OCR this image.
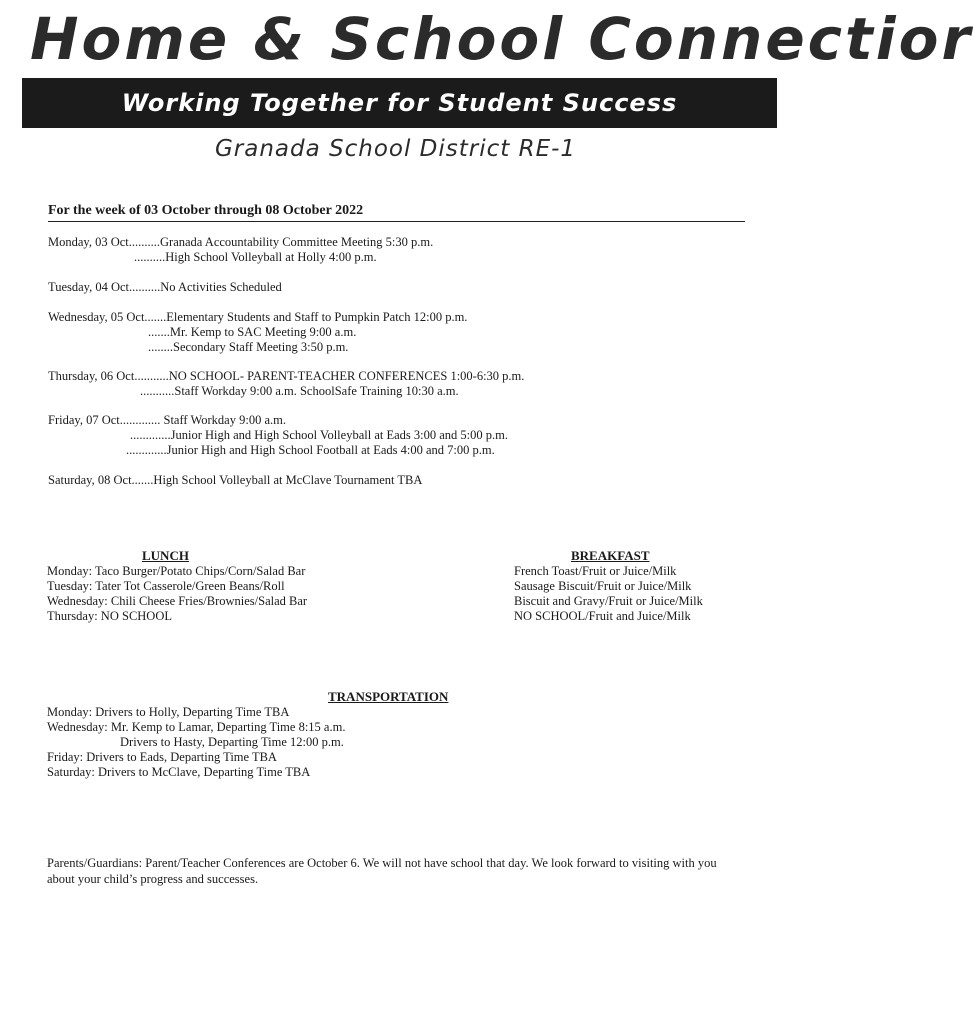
Home & School Connectior
Working Together for Student Success
Granada School District RE-1
For the week of 03 October through 08 October 2022
Monday, 03 Oct..........Granada Accountability Committee Meeting 5:30 p.m.
..........High School Volleyball at Holly 4:00 p.m.
Tuesday, 04 Oct..........No Activities Scheduled
Wednesday, 05 Oct.......Elementary Students and Staff to Pumpkin Patch 12:00 p.m.
.......Mr. Kemp to SAC Meeting 9:00 a.m.
........Secondary Staff Meeting 3:50 p.m.
Thursday, 06 Oct...........NO SCHOOL- PARENT-TEACHER CONFERENCES 1:00-6:30 p.m.
...........Staff Workday 9:00 a.m. SchoolSafe Training 10:30 a.m.
Friday, 07 Oct............. Staff Workday 9:00 a.m.
.............Junior High and High School Volleyball at Eads 3:00 and 5:00 p.m.
.............Junior High and High School Football at Eads 4:00 and 7:00 p.m.
Saturday, 08 Oct.......High School Volleyball at McClave Tournament TBA
LUNCH
Monday: Taco Burger/Potato Chips/Corn/Salad Bar
Tuesday: Tater Tot Casserole/Green Beans/Roll
Wednesday: Chili Cheese Fries/Brownies/Salad Bar
Thursday: NO SCHOOL
BREAKFAST
French Toast/Fruit or Juice/Milk
Sausage Biscuit/Fruit or Juice/Milk
Biscuit and Gravy/Fruit or Juice/Milk
NO SCHOOL/Fruit and Juice/Milk
TRANSPORTATION
Monday: Drivers to Holly, Departing Time TBA
Wednesday: Mr. Kemp to Lamar, Departing Time 8:15 a.m.
Drivers to Hasty, Departing Time 12:00 p.m.
Friday: Drivers to Eads, Departing Time TBA
Saturday: Drivers to McClave, Departing Time TBA
Parents/Guardians: Parent/Teacher Conferences are October 6. We will not have school that day. We look forward to visiting with you about your child’s progress and successes.
